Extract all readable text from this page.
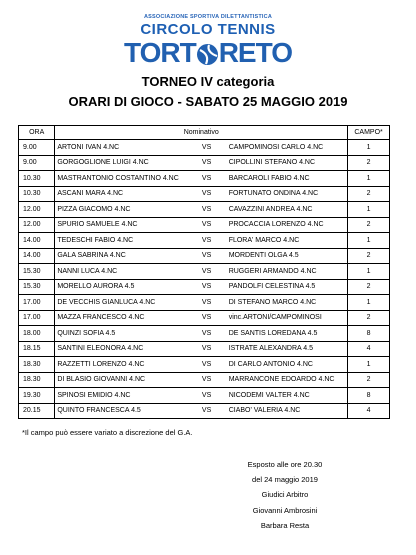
ASSOCIAZIONE SPORTIVA DILETTANTISTICA
CIRCOLO TENNIS
TORT RETO
TORNEO IV categoria
ORARI DI GIOCO - SABATO 25 MAGGIO 2019
ORA	Nominativo			CAMPO*
9.00	ARTONI IVAN 4.NC	VS	CAMPOMINOSI CARLO 4.NC	1
9.00	GORGOGLIONE LUIGI 4.NC	VS	CIPOLLINI STEFANO 4.NC	2
10.30	MASTRANTONIO COSTANTINO 4.NC	VS	BARCAROLI FABIO 4.NC	1
10.30	ASCANI MARA 4.NC	VS	FORTUNATO ONDINA 4.NC	2
12.00	PIZZA GIACOMO 4.NC	VS	CAVAZZINI ANDREA 4.NC	1
12.00	SPURIO SAMUELE 4.NC	VS	PROCACCIA LORENZO 4.NC	2
14.00	TEDESCHI FABIO 4.NC	VS	FLORA' MARCO 4.NC	1
14.00	GALA SABRINA 4.NC	VS	MORDENTI OLGA 4.5	2
15.30	NANNI LUCA 4.NC	VS	RUGGERI ARMANDO 4.NC	1
15.30	MORELLO AURORA 4.5	VS	PANDOLFI CELESTINA 4.5	2
17.00	DE VECCHIS GIANLUCA 4.NC	VS	DI STEFANO MARCO 4.NC	1
17.00	MAZZA FRANCESCO 4.NC	VS	vinc.ARTONI/CAMPOMINOSI	2
18.00	QUINZI SOFIA 4.5	VS	DE SANTIS LOREDANA 4.5	8
18.15	SANTINI ELEONORA 4.NC	VS	ISTRATE ALEXANDRA 4.5	4
18.30	RAZZETTI LORENZO 4.NC	VS	DI CARLO ANTONIO 4.NC	1
18.30	DI BLASIO GIOVANNI 4.NC	VS	MARRANCONE EDOARDO 4.NC	2
19.30	SPINOSI EMIDIO 4.NC	VS	NICODEMI VALTER 4.NC	8
20.15	QUINTO FRANCESCA 4.5	VS	CIABO' VALERIA 4.NC	4
*Il campo può essere variato a discrezione del G.A.
Esposto alle ore 20.30
del 24 maggio 2019
Giudici Arbitro
Giovanni Ambrosini
Barbara Resta
